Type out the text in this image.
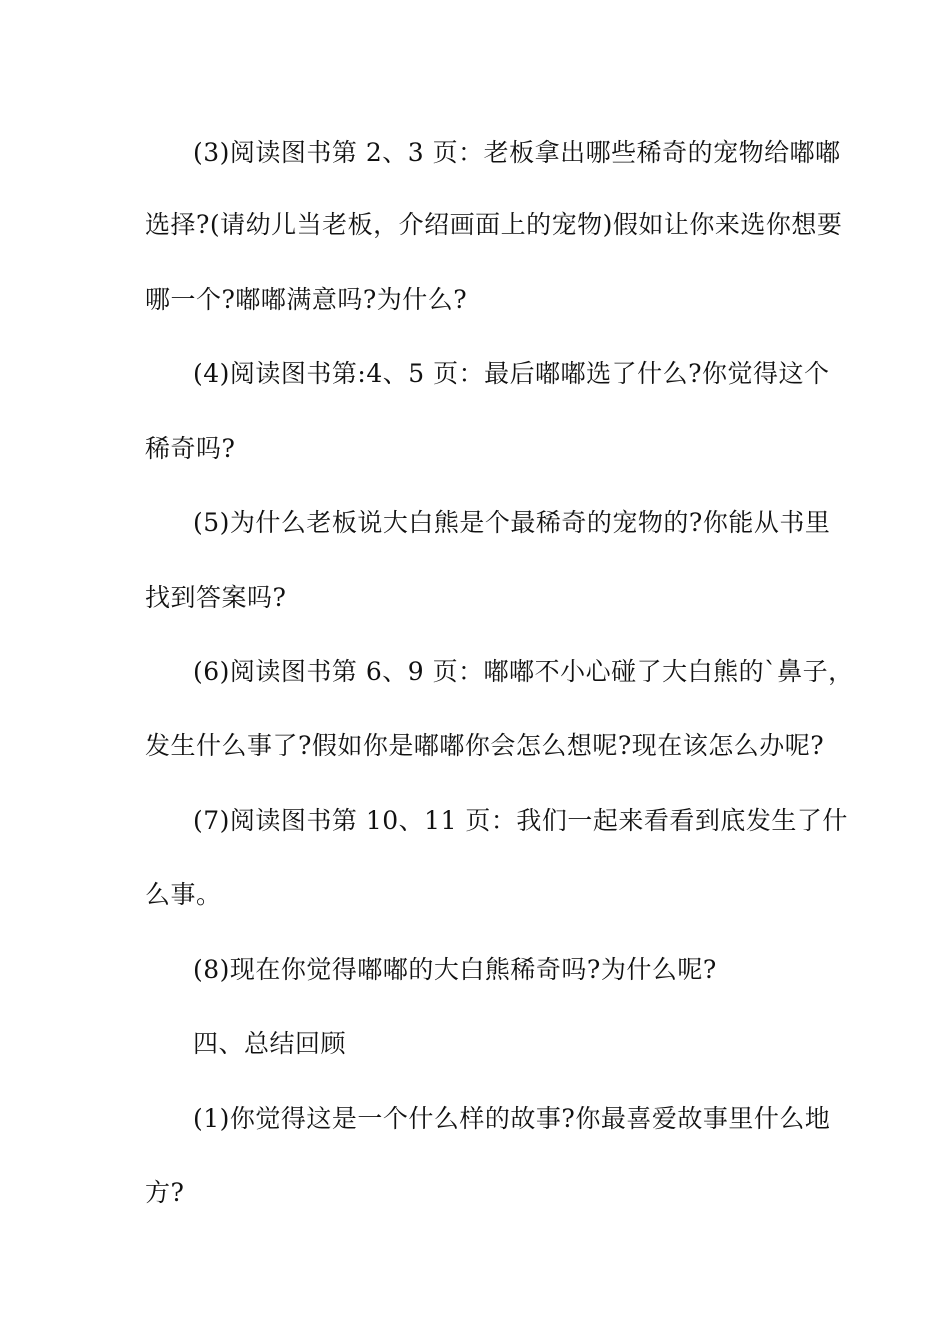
(3)阅读图书第 2、3 页：老板拿出哪些稀奇的宠物给嘟嘟

选择?(请幼儿当老板，介绍画面上的宠物)假如让你来选你想要

哪一个?嘟嘟满意吗?为什么?

(4)阅读图书第:4、5 页：最后嘟嘟选了什么?你觉得这个

稀奇吗?

(5)为什么老板说大白熊是个最稀奇的宠物的?你能从书里

找到答案吗?

(6)阅读图书第 6、9 页：嘟嘟不小心碰了大白熊的`鼻子，

发生什么事了?假如你是嘟嘟你会怎么想呢?现在该怎么办呢?

(7)阅读图书第 10、11 页：我们一起来看看到底发生了什

么事。

(8)现在你觉得嘟嘟的大白熊稀奇吗?为什么呢?

四、总结回顾

(1)你觉得这是一个什么样的故事?你最喜爱故事里什么地

方?
